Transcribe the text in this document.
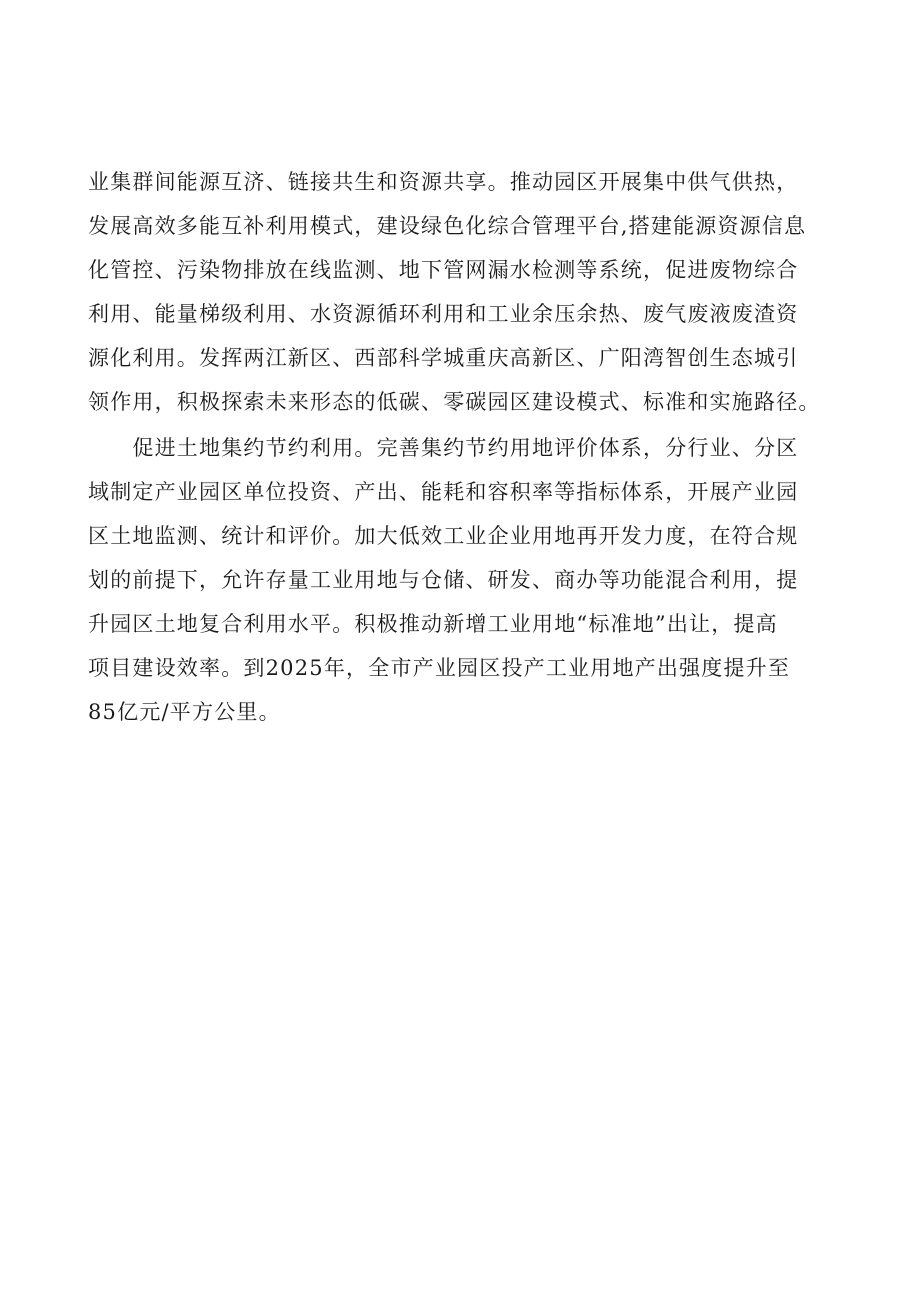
业集群间能源互济、链接共生和资源共享。推动园区开展集中供气供热，
发展高效多能互补利用模式，建设绿色化综合管理平台,搭建能源资源信息
化管控、污染物排放在线监测、地下管网漏水检测等系统，促进废物综合
利用、能量梯级利用、水资源循环利用和工业余压余热、废气废液废渣资
源化利用。发挥两江新区、西部科学城重庆高新区、广阳湾智创生态城引
领作用，积极探索未来形态的低碳、零碳园区建设模式、标准和实施路径。
　　促进土地集约节约利用。完善集约节约用地评价体系，分行业、分区
域制定产业园区单位投资、产出、能耗和容积率等指标体系，开展产业园
区土地监测、统计和评价。加大低效工业企业用地再开发力度，在符合规
划的前提下，允许存量工业用地与仓储、研发、商办等功能混合利用，提
升园区土地复合利用水平。积极推动新增工业用地“标准地”出让，提高
项目建设效率。到2025年，全市产业园区投产工业用地产出强度提升至
85亿元/平方公里。
